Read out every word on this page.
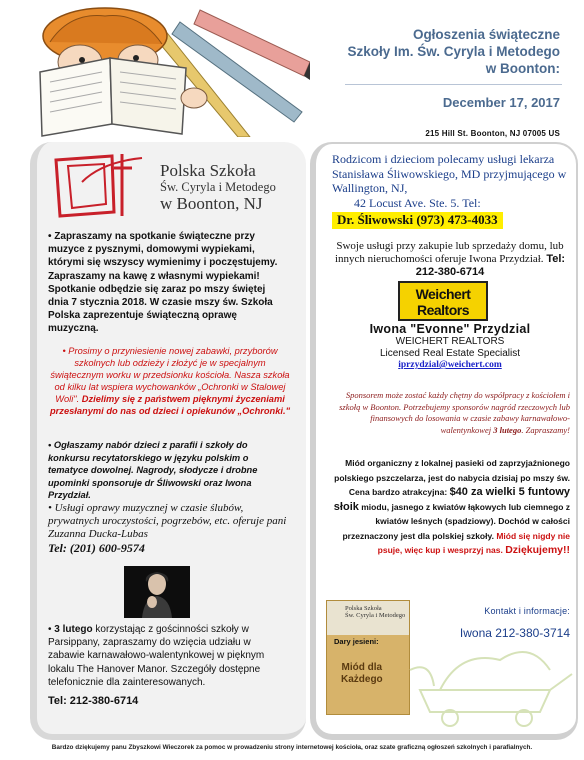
Ogłoszenia świąteczne
Szkoły Im. Św. Cyryla i Metodego
w Boonton:
December 17, 2017
215 Hill St. Boonton, NJ 07005 US
Polska Szkoła
Św. Cyryla i Metodego
w Boonton, NJ
• Zapraszamy na spotkanie świąteczne przy muzyce z pysznymi, domowymi wypiekami, którymi się wszyscy wymienimy i poczęstujemy. Zapraszamy na kawę z własnymi wypiekami! Spotkanie odbędzie się zaraz po mszy świętej dnia 7 stycznia 2018. W czasie mszy św. Szkoła Polska zaprezentuje świąteczną oprawę muzyczną.
• Prosimy o przyniesienie nowej zabawki, przyborów szkolnych lub odzieży i złożyć je w specjalnym świątecznym worku w przedsionku kościoła. Nasza szkoła od kilku lat wspiera wychowanków „Ochronki w Stalowej Woli". Dzielimy się z państwem pięknymi życzeniami przesłanymi do nas od dzieci i opiekunów „Ochronki."
• Ogłaszamy nabór dzieci z parafii i szkoły do konkursu recytatorskiego w języku polskim o tematyce dowolnej. Nagrody, słodycze i drobne upominki sponsoruje dr Śliwowski oraz Iwona Przydział.
• Usługi oprawy muzycznej w czasie ślubów, prywatnych uroczystości, pogrzebów, etc. oferuje pani Zuzanna Ducka-Lubas
Tel: (201) 600-9574
• 3 lutego korzystając z gościnności szkoły w Parsippany, zapraszamy do wzięcia udziału w zabawie karnawałowo-walentynkowej w pięknym lokalu The Hanover Manor. Szczegóły dostępne telefonicznie dla zainteresowanych.
Tel: 212-380-6714
Rodzicom i dzieciom polecamy usługi lekarza Stanisława Śliwowskiego, MD przyjmującego w Wallington, NJ,
42 Locust Ave. Ste. 5. Tel:
Dr. Śliwowski (973) 473-4033
Swoje usługi przy zakupie lub sprzedaży domu, lub innych nieruchomości oferuje Iwona Przydział. Tel: 212-380-6714
Weichert
Realtors
Iwona "Evonne" Przydzial
WEICHERT REALTORS
Licensed Real Estate Specialist
iprzydzial@weichert.com
Sponsorem może zostać każdy chętny do współpracy z kościołem i szkołą w Boonton. Potrzebujemy sponsorów nagród rzeczowych lub finansowych do losowania w czasie zabawy karnawałowo-walentynkowej 3 lutego. Zapraszamy!
Miód organiczny z lokalnej pasieki od zaprzyjaźnionego polskiego pszczelarza, jest do nabycia dzisiaj po mszy św. Cena bardzo atrakcyjna: $40 za wielki 5 funtowy słoik miodu, jasnego z kwiatów łąkowych lub ciemnego z kwiatów leśnych (spadziowy). Dochód w całości przeznaczony jest dla polskiej szkoły. Miód się nigdy nie psuje, więc kup i wesprzyj nas. Dziękujemy!!
Polska Szkoła
Św. Cyryla i Metodego
Dary jesieni:
Miód dla
Każdego
Kontakt i informacje:
Iwona 212-380-3714
Bardzo dziękujemy panu Zbyszkowi Wieczorek za pomoc w prowadzeniu strony internetowej kościoła, oraz szate graficzną ogłoszeń szkolnych i parafialnych.
